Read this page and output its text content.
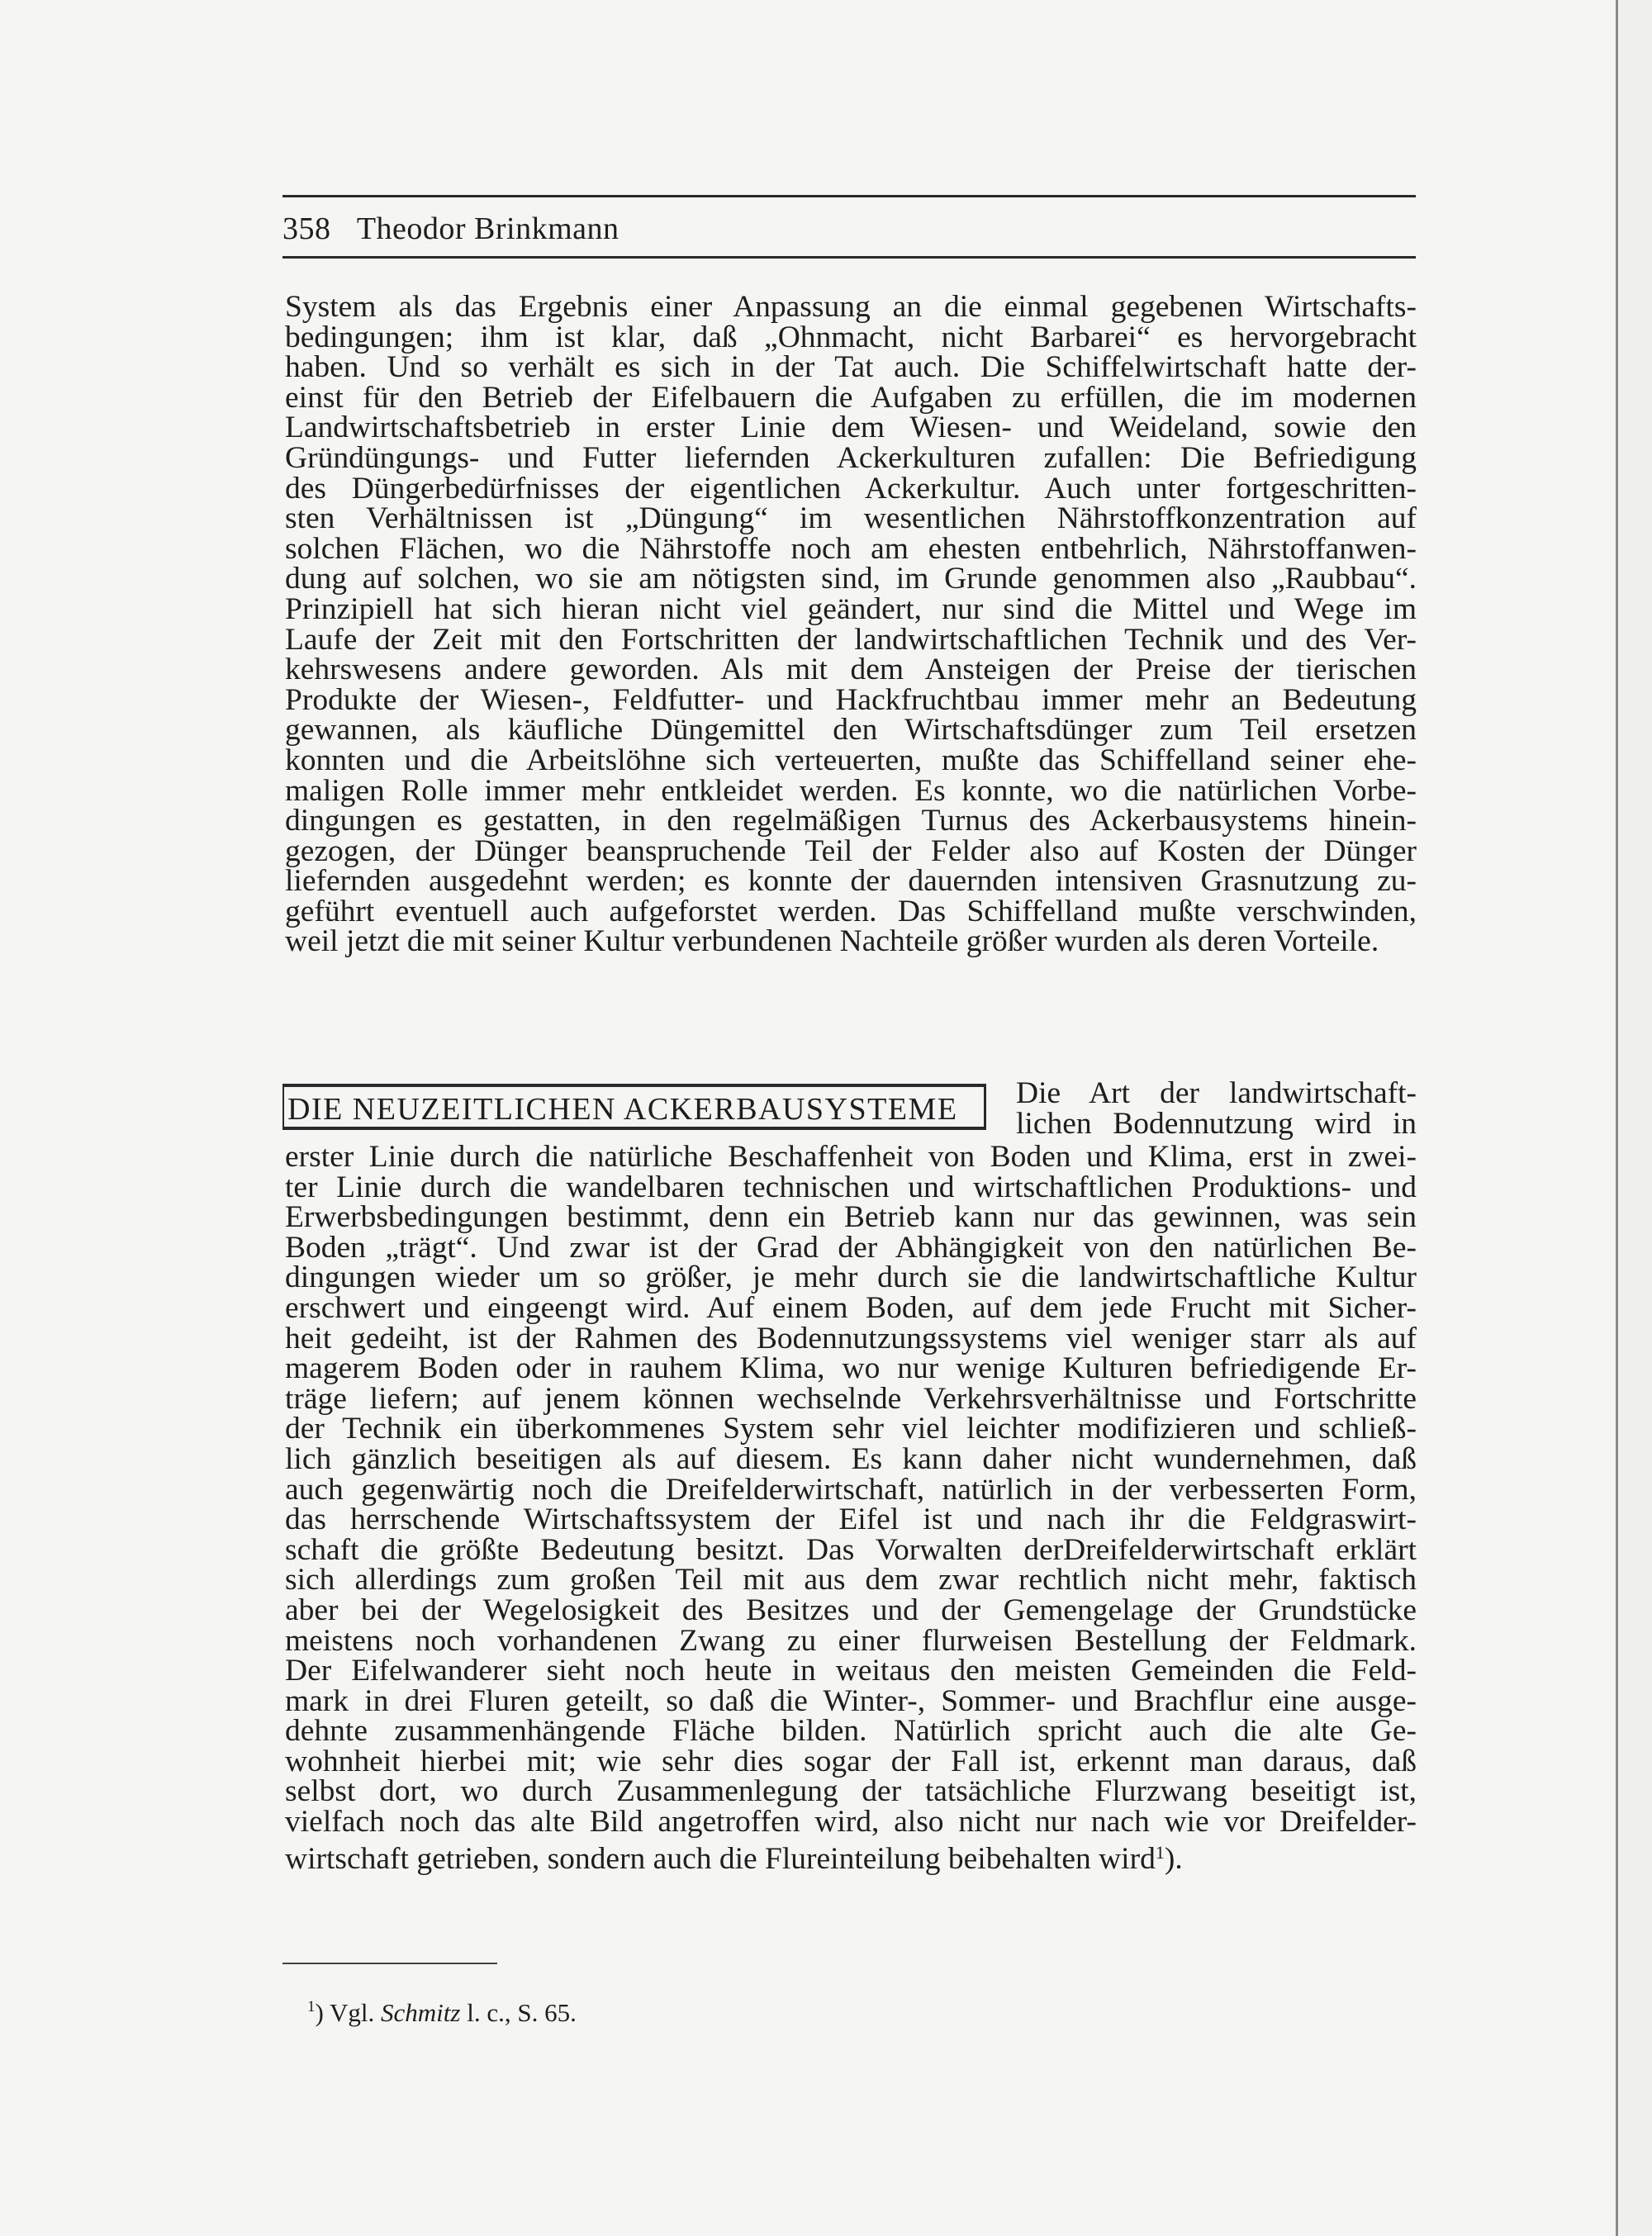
358 Theodor Brinkmann
System als das Ergebnis einer Anpassung an die einmal gegebenen Wirtschafts-
bedingungen; ihm ist klar, daß „Ohnmacht, nicht Barbarei“ es hervorgebracht
haben. Und so verhält es sich in der Tat auch. Die Schiffelwirtschaft hatte der-
einst für den Betrieb der Eifelbauern die Aufgaben zu erfüllen, die im modernen
Landwirtschaftsbetrieb in erster Linie dem Wiesen- und Weideland, sowie den
Gründüngungs- und Futter liefernden Ackerkulturen zufallen: Die Befriedigung
des Düngerbedürfnisses der eigentlichen Ackerkultur. Auch unter fortgeschritten-
sten Verhältnissen ist „Düngung“ im wesentlichen Nährstoffkonzentration auf
solchen Flächen, wo die Nährstoffe noch am ehesten entbehrlich, Nährstoffanwen-
dung auf solchen, wo sie am nötigsten sind, im Grunde genommen also „Raubbau“.
Prinzipiell hat sich hieran nicht viel geändert, nur sind die Mittel und Wege im
Laufe der Zeit mit den Fortschritten der landwirtschaftlichen Technik und des Ver-
kehrswesens andere geworden. Als mit dem Ansteigen der Preise der tierischen
Produkte der Wiesen-, Feldfutter- und Hackfruchtbau immer mehr an Bedeutung
gewannen, als käufliche Düngemittel den Wirtschaftsdünger zum Teil ersetzen
konnten und die Arbeitslöhne sich verteuerten, mußte das Schiffelland seiner ehe-
maligen Rolle immer mehr entkleidet werden. Es konnte, wo die natürlichen Vorbe-
dingungen es gestatten, in den regelmäßigen Turnus des Ackerbausystems hinein-
gezogen, der Dünger beanspruchende Teil der Felder also auf Kosten der Dünger
liefernden ausgedehnt werden; es konnte der dauernden intensiven Grasnutzung zu-
geführt eventuell auch aufgeforstet werden. Das Schiffelland mußte verschwinden,
weil jetzt die mit seiner Kultur verbundenen Nachteile größer wurden als deren Vorteile.
DIE NEUZEITLICHEN ACKERBAUSYSTEME Die Art der landwirtschaft-
lichen Bodennutzung wird in
erster Linie durch die natürliche Beschaffenheit von Boden und Klima, erst in zwei-
ter Linie durch die wandelbaren technischen und wirtschaftlichen Produktions- und
Erwerbsbedingungen bestimmt, denn ein Betrieb kann nur das gewinnen, was sein
Boden „trägt“. Und zwar ist der Grad der Abhängigkeit von den natürlichen Be-
dingungen wieder um so größer, je mehr durch sie die landwirtschaftliche Kultur
erschwert und eingeengt wird. Auf einem Boden, auf dem jede Frucht mit Sicher-
heit gedeiht, ist der Rahmen des Bodennutzungssystems viel weniger starr als auf
magerem Boden oder in rauhem Klima, wo nur wenige Kulturen befriedigende Er-
träge liefern; auf jenem können wechselnde Verkehrsverhältnisse und Fortschritte
der Technik ein überkommenes System sehr viel leichter modifizieren und schließ-
lich gänzlich beseitigen als auf diesem. Es kann daher nicht wundernehmen, daß
auch gegenwärtig noch die Dreifelderwirtschaft, natürlich in der verbesserten Form,
das herrschende Wirtschaftssystem der Eifel ist und nach ihr die Feldgraswirt-
schaft die größte Bedeutung besitzt. Das Vorwalten derDreifelderwirtschaft erklärt
sich allerdings zum großen Teil mit aus dem zwar rechtlich nicht mehr, faktisch
aber bei der Wegelosigkeit des Besitzes und der Gemengelage der Grundstücke
meistens noch vorhandenen Zwang zu einer flurweisen Bestellung der Feldmark.
Der Eifelwanderer sieht noch heute in weitaus den meisten Gemeinden die Feld-
mark in drei Fluren geteilt, so daß die Winter-, Sommer- und Brachflur eine ausge-
dehnte zusammenhängende Fläche bilden. Natürlich spricht auch die alte Ge-
wohnheit hierbei mit; wie sehr dies sogar der Fall ist, erkennt man daraus, daß
selbst dort, wo durch Zusammenlegung der tatsächliche Flurzwang beseitigt ist,
vielfach noch das alte Bild angetroffen wird, also nicht nur nach wie vor Dreifelder-
wirtschaft getrieben, sondern auch die Flureinteilung beibehalten wird$^1$).
$^1$) Vgl. Schmitz l. c., S. 65.
